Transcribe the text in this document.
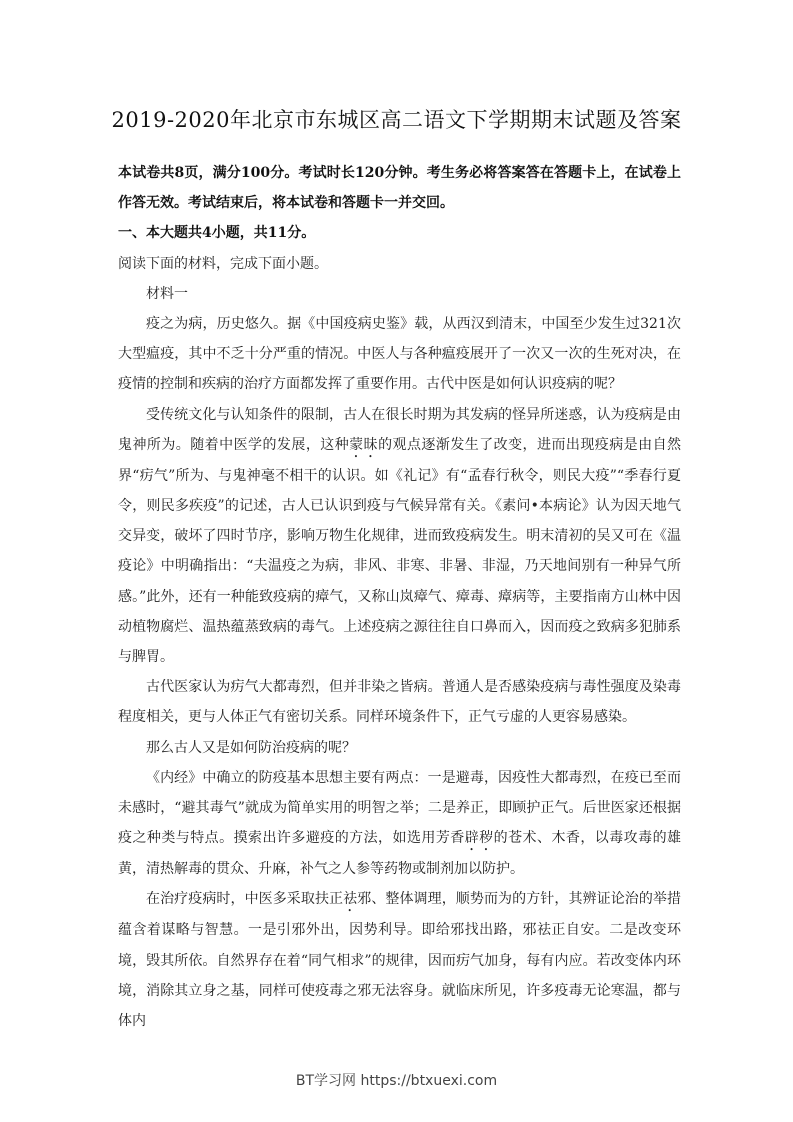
2019-2020年北京市东城区高二语文下学期期末试题及答案

本试卷共8页，满分100分。考试时长120分钟。考生务必将答案答在答题卡上，在试卷上作答无效。考试结束后，将本试卷和答题卡一并交回。

一、本大题共4小题，共11分。

阅读下面的材料，完成下面小题。

材料一

疫之为病，历史悠久。据《中国疫病史鉴》载，从西汉到清末，中国至少发生过321次大型瘟疫，其中不乏十分严重的情况。中医人与各种瘟疫展开了一次又一次的生死对决，在疫情的控制和疾病的治疗方面都发挥了重要作用。古代中医是如何认识疫病的呢？

受传统文化与认知条件的限制，古人在很长时期为其发病的怪异所迷惑，认为疫病是由鬼神所为。随着中医学的发展，这种蒙昧的观点逐渐发生了改变，进而出现疫病是由自然界“疠气”所为、与鬼神毫不相干的认识。如《礼记》有“孟春行秋令，则民大疫”“季春行夏令，则民多疾疫”的记述，古人已认识到疫与气候异常有关。《素问•本病论》认为因天地气交异变，破坏了四时节序，影响万物生化规律，进而致疫病发生。明末清初的吴又可在《温疫论》中明确指出：“夫温疫之为病，非风、非寒、非暑、非湿，乃天地间别有一种异气所感。”此外，还有一种能致疫病的瘴气，又称山岚瘴气、瘴毒、瘴病等，主要指南方山林中因动植物腐烂、温热蕴蒸致病的毒气。上述疫病之源往往自口鼻而入，因而疫之致病多犯肺系与脾胃。

古代医家认为疠气大都毒烈，但并非染之皆病。普通人是否感染疫病与毒性强度及染毒程度相关，更与人体正气有密切关系。同样环境条件下，正气亏虚的人更容易感染。

那么古人又是如何防治疫病的呢？

《内经》中确立的防疫基本思想主要有两点：一是避毒，因疫性大都毒烈，在疫已至而未感时，“避其毒气”就成为简单实用的明智之举；二是养正，即顾护正气。后世医家还根据疫之种类与特点。摸索出许多避疫的方法，如选用芳香辟秽的苍术、木香，以毒攻毒的雄黄，清热解毒的贯众、升麻，补气之人参等药物或制剂加以防护。

在治疗疫病时，中医多采取扶正祛邪、整体调理，顺势而为的方针，其辨证论治的举措蕴含着谋略与智慧。一是引邪外出，因势利导。即给邪找出路，邪祛正自安。二是改变环境，毁其所依。自然界存在着“同气相求”的规律，因而疠气加身，每有内应。若改变体内环境，消除其立身之基，同样可使疫毒之邪无法容身。就临床所见，许多疫毒无论寒温，都与体内

BT学习网 https://btxuexi.com
